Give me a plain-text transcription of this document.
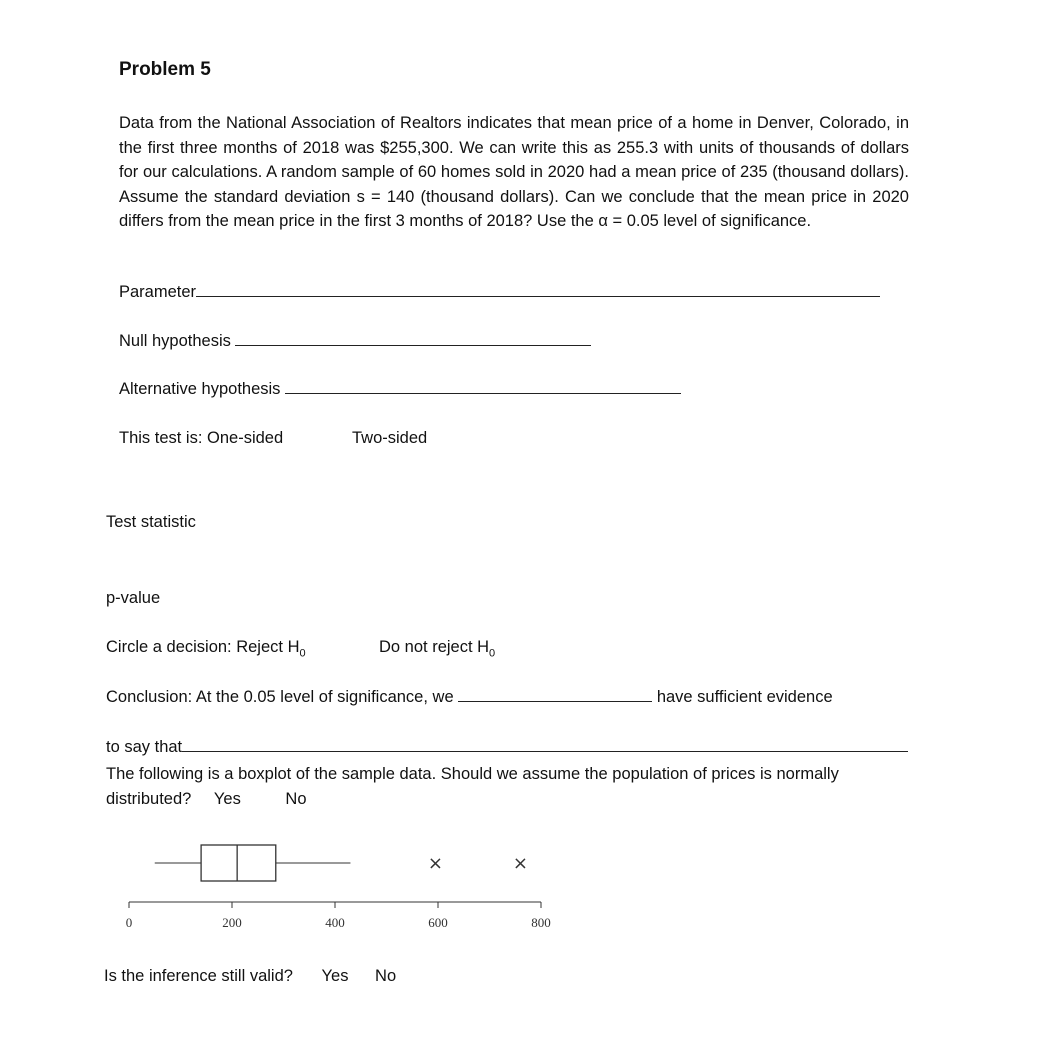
Problem 5
Data from the National Association of Realtors indicates that mean price of a home in Denver, Colorado, in the first three months of 2018 was $255,300. We can write this as 255.3 with units of thousands of dollars for our calculations. A random sample of 60 homes sold in 2020 had a mean price of 235 (thousand dollars). Assume the standard deviation s = 140 (thousand dollars). Can we conclude that the mean price in 2020 differs from the mean price in the first 3 months of 2018? Use the α = 0.05 level of significance.
Parameter
Null hypothesis
Alternative hypothesis
This test is: One-sided	Two-sided
Test statistic
p-value
Circle a decision: Reject $H_0$	Do not reject $H_0$
Conclusion: At the 0.05 level of significance, we	have sufficient evidence
to say that
The following is a boxplot of the sample data. Should we assume the population of prices is normally distributed? Yes	No
×	×
0	200	400	600	800
Is the inference still valid? Yes No
